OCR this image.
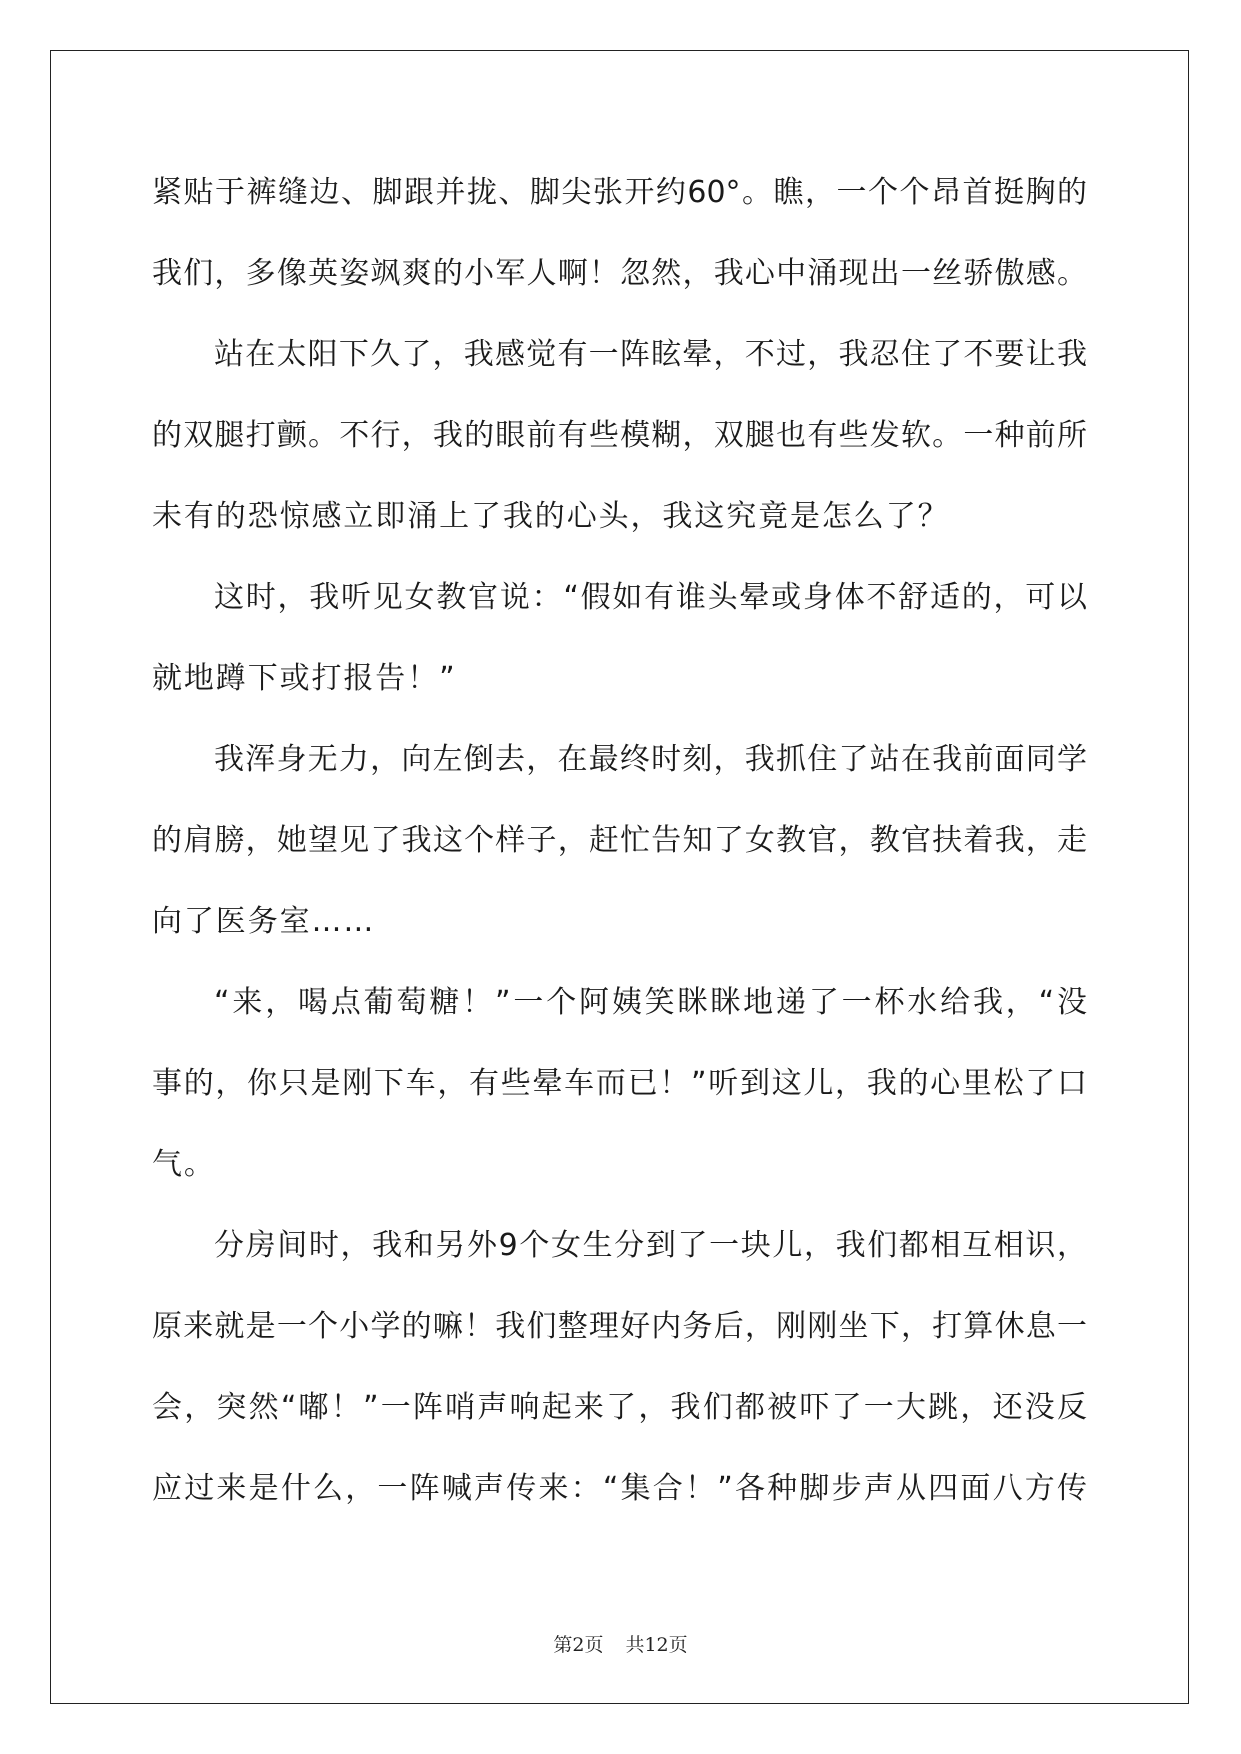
紧贴于裤缝边、脚跟并拢、脚尖张开约60°。瞧，一个个昂首挺胸的
我们，多像英姿飒爽的小军人啊！忽然，我心中涌现出一丝骄傲感。
站在太阳下久了，我感觉有一阵眩晕，不过，我忍住了不要让我
的双腿打颤。不行，我的眼前有些模糊，双腿也有些发软。一种前所
未有的恐惊感立即涌上了我的心头，我这究竟是怎么了？
这时，我听见女教官说：“假如有谁头晕或身体不舒适的，可以
就地蹲下或打报告！”
我浑身无力，向左倒去，在最终时刻，我抓住了站在我前面同学
的肩膀，她望见了我这个样子，赶忙告知了女教官，教官扶着我，走
向了医务室……
“来，喝点葡萄糖！”一个阿姨笑眯眯地递了一杯水给我，“没
事的，你只是刚下车，有些晕车而已！”听到这儿，我的心里松了口
气。
分房间时，我和另外9个女生分到了一块儿，我们都相互相识，
原来就是一个小学的嘛！我们整理好内务后，刚刚坐下，打算休息一
会，突然“嘟！”一阵哨声响起来了，我们都被吓了一大跳，还没反
应过来是什么，一阵喊声传来：“集合！”各种脚步声从四面八方传
第2页 共12页
